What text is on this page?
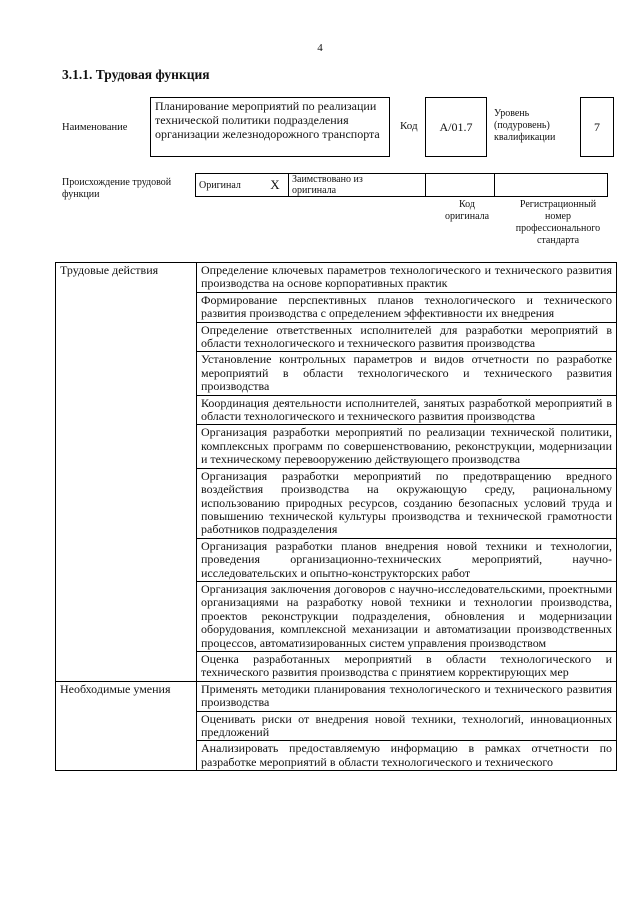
4
3.1.1. Трудовая функция
Наименование
Планирование мероприятий по реализации технической политики подразделения организации железнодорожного транспорта
Код	A/01.7
Уровень
(подуровень)
квалификации
7
Происхождение трудовой
функции
Оригинал	X	Заимствовано из
оригинала

Код
оригинала
Регистрационный
номер
профессионального
стандарта
Трудовые действия	Определение ключевых параметров технологического и технического развития производства на основе корпоративных практик
	Формирование перспективных планов технологического и технического развития производства с определением эффективности их внедрения
	Определение ответственных исполнителей для разработки мероприятий в области технологического и технического развития производства
	Установление контрольных параметров и видов отчетности по разработке мероприятий в области технологического и технического развития производства
	Координация деятельности исполнителей, занятых разработкой мероприятий в области технологического и технического развития производства
	Организация разработки мероприятий по реализации технической политики, комплексных программ по совершенствованию, реконструкции, модернизации и техническому перевооружению действующего производства
	Организация разработки мероприятий по предотвращению вредного воздействия производства на окружающую среду, рациональному использованию природных ресурсов, созданию безопасных условий труда и повышению технической культуры производства и технической грамотности работников подразделения
	Организация разработки планов внедрения новой техники и технологии, проведения организационно-технических мероприятий, научно-исследовательских и опытно-конструкторских работ
	Организация заключения договоров с научно-исследовательскими, проектными организациями на разработку новой техники и технологии производства, проектов реконструкции подразделения, обновления и модернизации оборудования, комплексной механизации и автоматизации производственных процессов, автоматизированных систем управления производством
	Оценка разработанных мероприятий в области технологического и технического развития производства с принятием корректирующих мер
Необходимые умения	Применять методики планирования технологического и технического развития производства
	Оценивать риски от внедрения новой техники, технологий, инновационных предложений
	Анализировать предоставляемую информацию в рамках отчетности по разработке мероприятий в области технологического и технического
